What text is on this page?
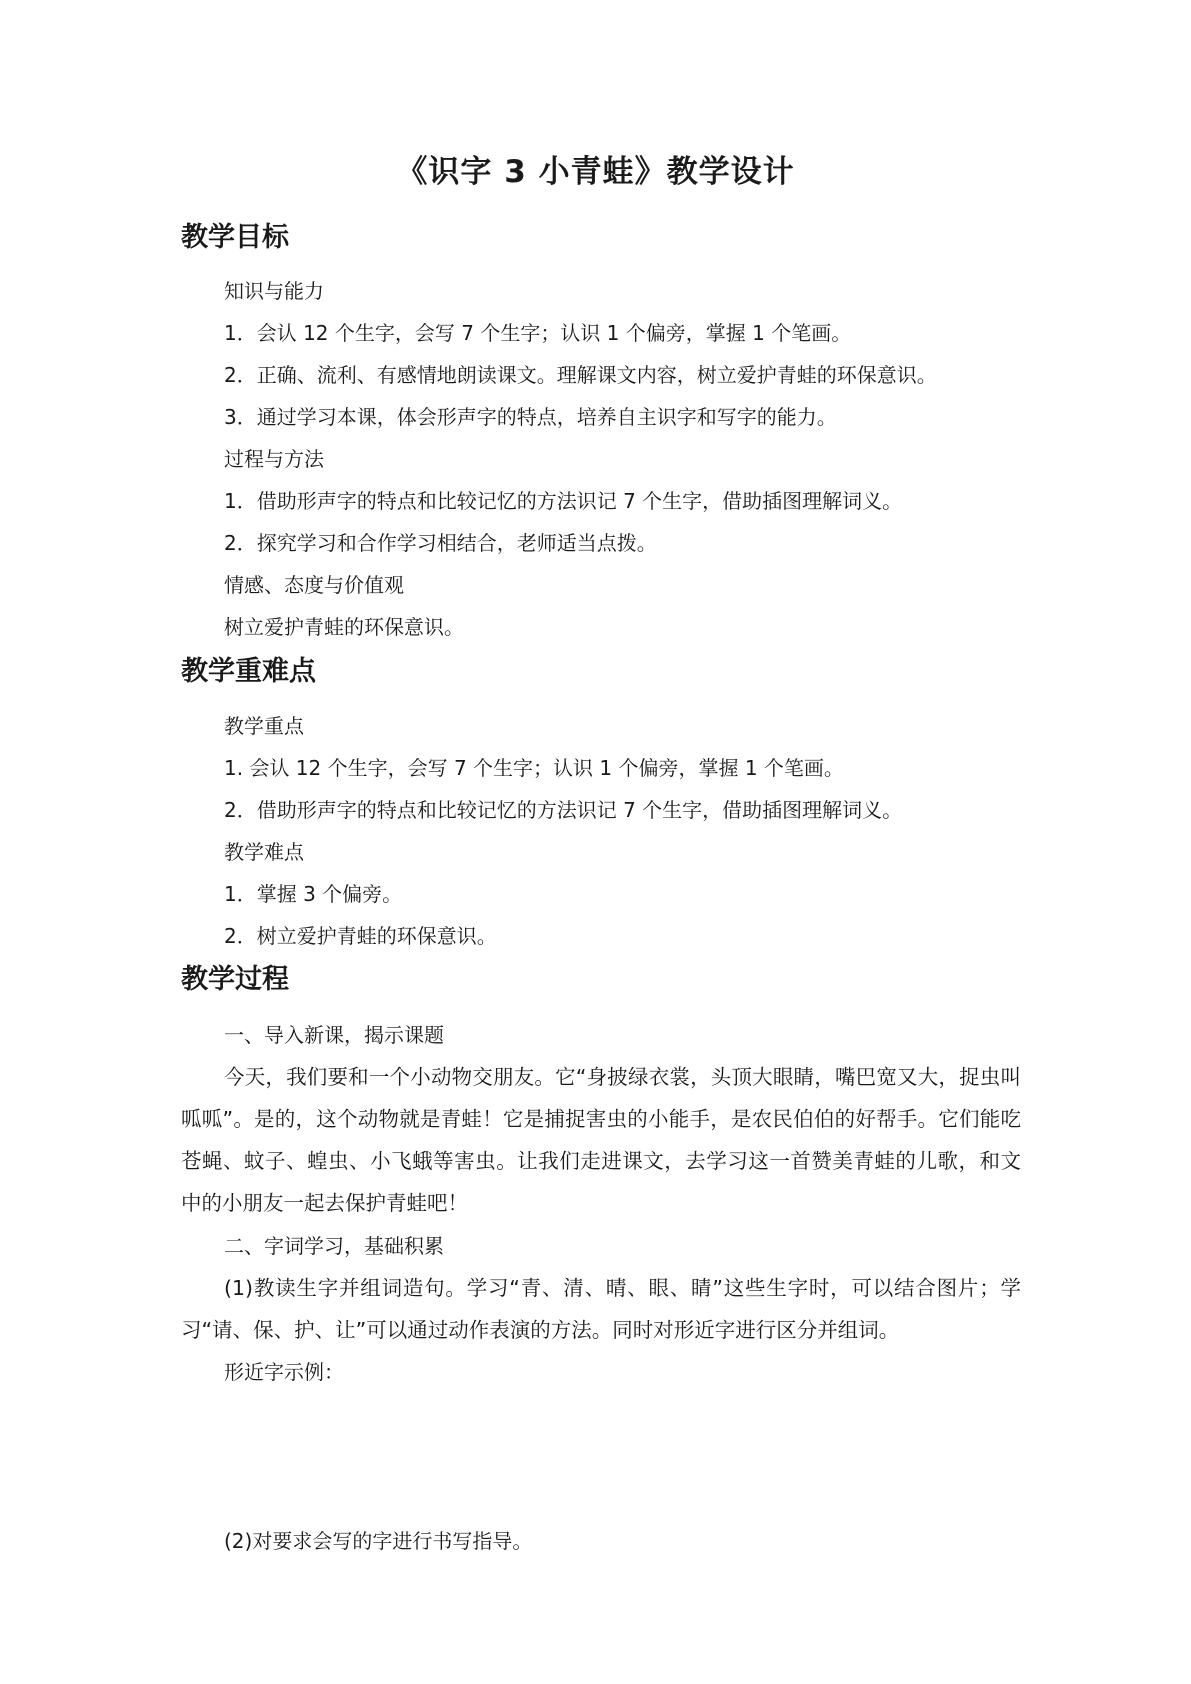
《识字 3 小青蛙》教学设计
教学目标
知识与能力
1．会认 12 个生字，会写 7 个生字；认识 1 个偏旁，掌握 1 个笔画。
2．正确、流利、有感情地朗读课文。理解课文内容，树立爱护青蛙的环保意识。
3．通过学习本课，体会形声字的特点，培养自主识字和写字的能力。
过程与方法
1．借助形声字的特点和比较记忆的方法识记 7 个生字，借助插图理解词义。
2．探究学习和合作学习相结合，老师适当点拨。
情感、态度与价值观
树立爱护青蛙的环保意识。
教学重难点
教学重点
1. 会认 12 个生字，会写 7 个生字；认识 1 个偏旁，掌握 1 个笔画。
2．借助形声字的特点和比较记忆的方法识记 7 个生字，借助插图理解词义。
教学难点
1．掌握 3 个偏旁。
2．树立爱护青蛙的环保意识。
教学过程
一、导入新课，揭示课题
今天，我们要和一个小动物交朋友。它“身披绿衣裳，头顶大眼睛，嘴巴宽又大，捉虫叫呱呱”。是的，这个动物就是青蛙！它是捕捉害虫的小能手，是农民伯伯的好帮手。它们能吃苍蝇、蚊子、蝗虫、小飞蛾等害虫。让我们走进课文，去学习这一首赞美青蛙的儿歌，和文中的小朋友一起去保护青蛙吧！
二、字词学习，基础积累
(1)教读生字并组词造句。学习“青、清、晴、眼、睛”这些生字时，可以结合图片；学习“请、保、护、让”可以通过动作表演的方法。同时对形近字进行区分并组词。
形近字示例：
(2)对要求会写的字进行书写指导。
